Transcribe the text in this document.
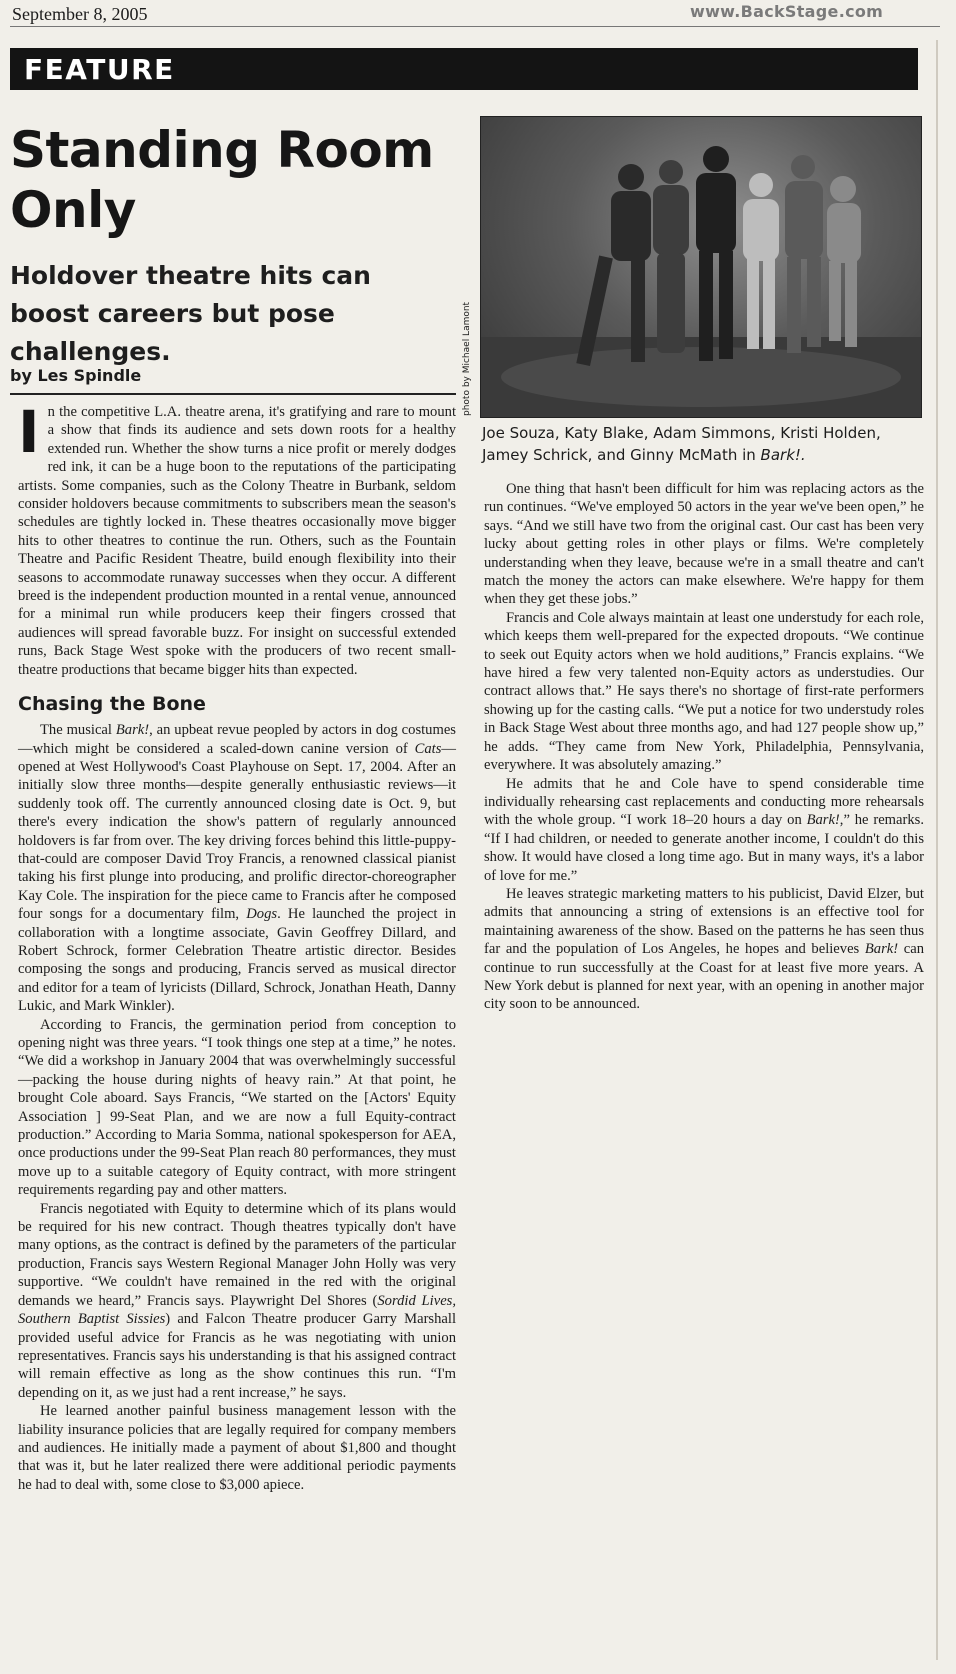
September 8, 2005	www.BackStage.com
FEATURE
Standing Room Only
Holdover theatre hits can boost careers but pose challenges.
by Les Spindle	photo by Michael Lamont

Joe Souza, Katy Blake, Adam Simmons, Kristi Holden, Jamey Schrick, and Ginny McMath in Bark!.

In the competitive L.A. theatre arena, it's gratifying and rare to mount a show that finds its audience and sets down roots for a healthy extended run. Whether the show turns a nice profit or merely dodges red ink, it can be a huge boon to the reputations of the participating artists. Some companies, such as the Colony Theatre in Burbank, seldom consider holdovers because commitments to subscribers mean the season's schedules are tightly locked in. These theatres occasionally move bigger hits to other theatres to continue the run. Others, such as the Fountain Theatre and Pacific Resident Theatre, build enough flexibility into their seasons to accommodate runaway successes when they occur. A different breed is the independent production mounted in a rental venue, announced for a minimal run while producers keep their fingers crossed that audiences will spread favorable buzz. For insight on successful extended runs, Back Stage West spoke with the producers of two recent small-theatre productions that became bigger hits than expected.

Chasing the Bone

The musical Bark!, an upbeat revue peopled by actors in dog costumes—which might be considered a scaled-down canine version of Cats—opened at West Hollywood's Coast Playhouse on Sept. 17, 2004. After an initially slow three months—despite generally enthusiastic reviews—it suddenly took off. The currently announced closing date is Oct. 9, but there's every indication the show's pattern of regularly announced holdovers is far from over. The key driving forces behind this little-puppy-that-could are composer David Troy Francis, a renowned classical pianist taking his first plunge into producing, and prolific director-choreographer Kay Cole. The inspiration for the piece came to Francis after he composed four songs for a documentary film, Dogs. He launched the project in collaboration with a longtime associate, Gavin Geoffrey Dillard, and Robert Schrock, former Celebration Theatre artistic director. Besides composing the songs and producing, Francis served as musical director and editor for a team of lyricists (Dillard, Schrock, Jonathan Heath, Danny Lukic, and Mark Winkler).

According to Francis, the germination period from conception to opening night was three years. “I took things one step at a time,” he notes. “We did a workshop in January 2004 that was overwhelmingly successful—packing the house during nights of heavy rain.” At that point, he brought Cole aboard. Says Francis, “We started on the [Actors' Equity Association ] 99-Seat Plan, and we are now a full Equity-contract production.” According to Maria Somma, national spokesperson for AEA, once productions under the 99-Seat Plan reach 80 performances, they must move up to a suitable category of Equity contract, with more stringent requirements regarding pay and other matters.

Francis negotiated with Equity to determine which of its plans would be required for his new contract. Though theatres typically don't have many options, as the contract is defined by the parameters of the particular production, Francis says Western Regional Manager John Holly was very supportive. “We couldn't have remained in the red with the original demands we heard,” Francis says. Playwright Del Shores (Sordid Lives, Southern Baptist Sissies) and Falcon Theatre producer Garry Marshall provided useful advice for Francis as he was negotiating with union representatives. Francis says his understanding is that his assigned contract will remain effective as long as the show continues this run. “I'm depending on it, as we just had a rent increase,” he says.

He learned another painful business management lesson with the liability insurance policies that are legally required for company members and audiences. He initially made a payment of about $1,800 and thought that was it, but he later realized there were additional periodic payments he had to deal with, some close to $3,000 apiece.

One thing that hasn't been difficult for him was replacing actors as the run continues. “We've employed 50 actors in the year we've been open,” he says. “And we still have two from the original cast. Our cast has been very lucky about getting roles in other plays or films. We're completely understanding when they leave, because we're in a small theatre and can't match the money the actors can make elsewhere. We're happy for them when they get these jobs.”

Francis and Cole always maintain at least one understudy for each role, which keeps them well-prepared for the expected dropouts. “We continue to seek out Equity actors when we hold auditions,” Francis explains. “We have hired a few very talented non-Equity actors as understudies. Our contract allows that.” He says there's no shortage of first-rate performers showing up for the casting calls. “We put a notice for two understudy roles in Back Stage West about three months ago, and had 127 people show up,” he adds. “They came from New York, Philadelphia, Pennsylvania, everywhere. It was absolutely amazing.”

He admits that he and Cole have to spend considerable time individually rehearsing cast replacements and conducting more rehearsals with the whole group. “I work 18–20 hours a day on Bark!,” he remarks. “If I had children, or needed to generate another income, I couldn't do this show. It would have closed a long time ago. But in many ways, it's a labor of love for me.”

He leaves strategic marketing matters to his publicist, David Elzer, but admits that announcing a string of extensions is an effective tool for maintaining awareness of the show. Based on the patterns he has seen thus far and the population of Los Angeles, he hopes and believes Bark! can continue to run successfully at the Coast for at least five more years. A New York debut is planned for next year, with an opening in another major city soon to be announced.
